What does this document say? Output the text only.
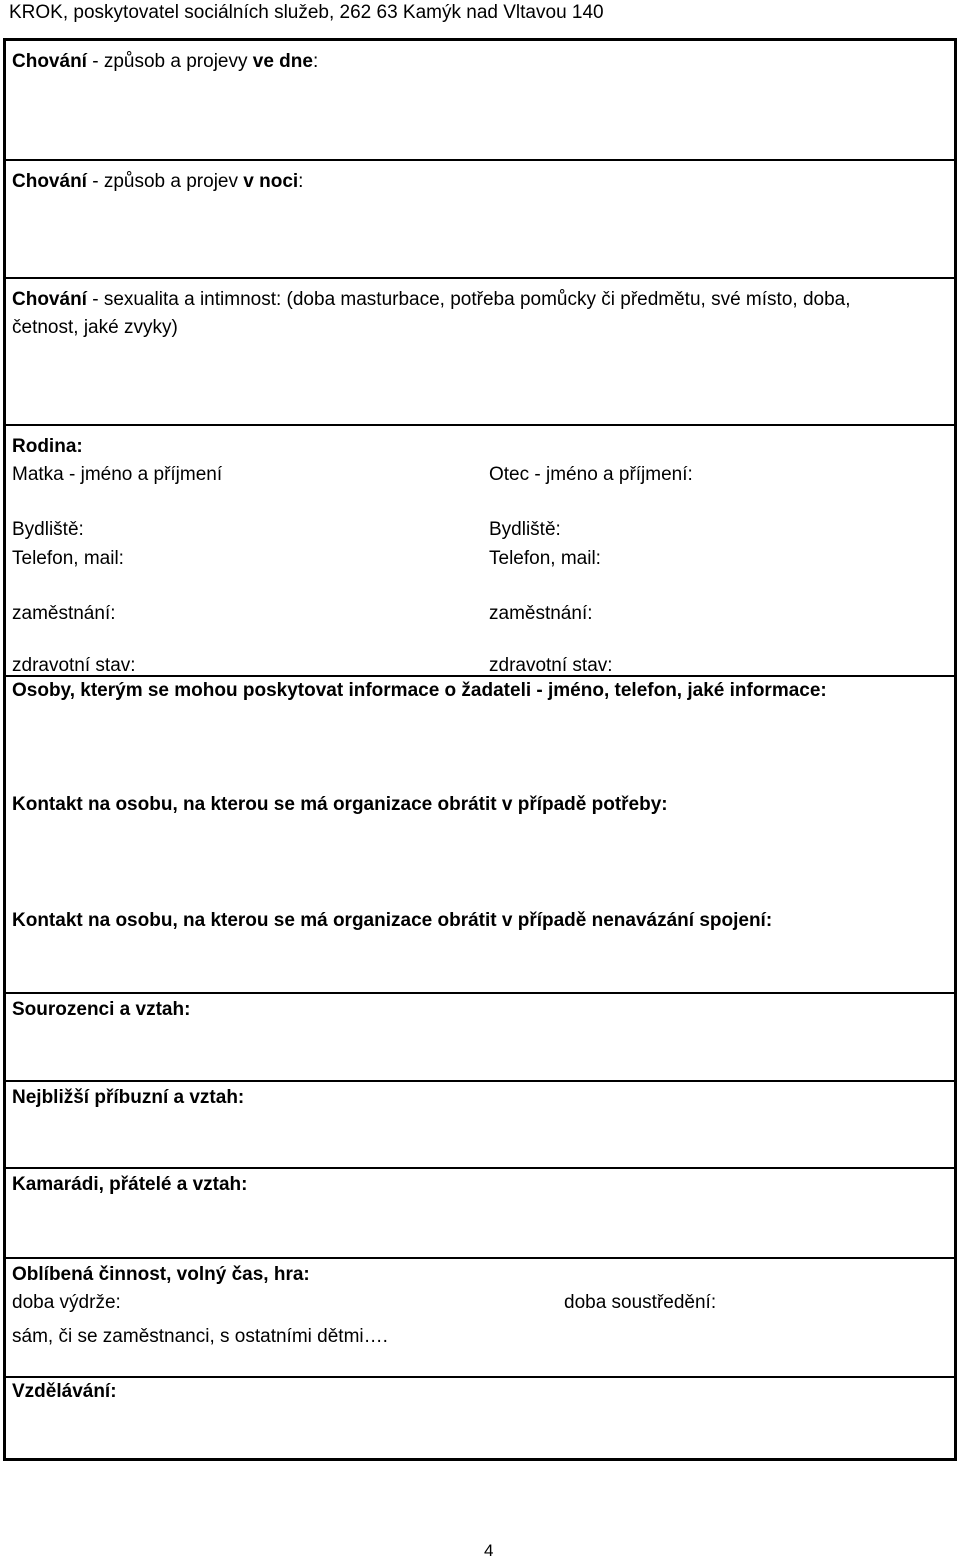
KROK, poskytovatel sociálních služeb, 262 63 Kamýk nad Vltavou 140
Chování - způsob a projevy ve dne:
Chování - způsob a projev v noci:
Chování - sexualita a intimnost: (doba masturbace, potřeba pomůcky či předmětu, své místo, doba,
četnost, jaké zvyky)
Rodina:
Matka - jméno a příjmení	Otec - jméno a příjmení:
Bydliště:	Bydliště:
Telefon, mail:	Telefon, mail:
zaměstnání:	zaměstnání:
zdravotní stav:	zdravotní stav:
Osoby, kterým se mohou poskytovat informace o žadateli - jméno, telefon, jaké informace:
Kontakt na osobu, na kterou se má organizace obrátit v případě potřeby:
Kontakt na osobu, na kterou se má organizace obrátit v případě nenavázání spojení:
Sourozenci a vztah:
Nejbližší příbuzní a vztah:
Kamarádi, přátelé a vztah:
Oblíbená činnost, volný čas, hra:
doba výdrže:	doba soustředění:
sám, či se zaměstnanci, s ostatními dětmi….
Vzdělávání:
4
